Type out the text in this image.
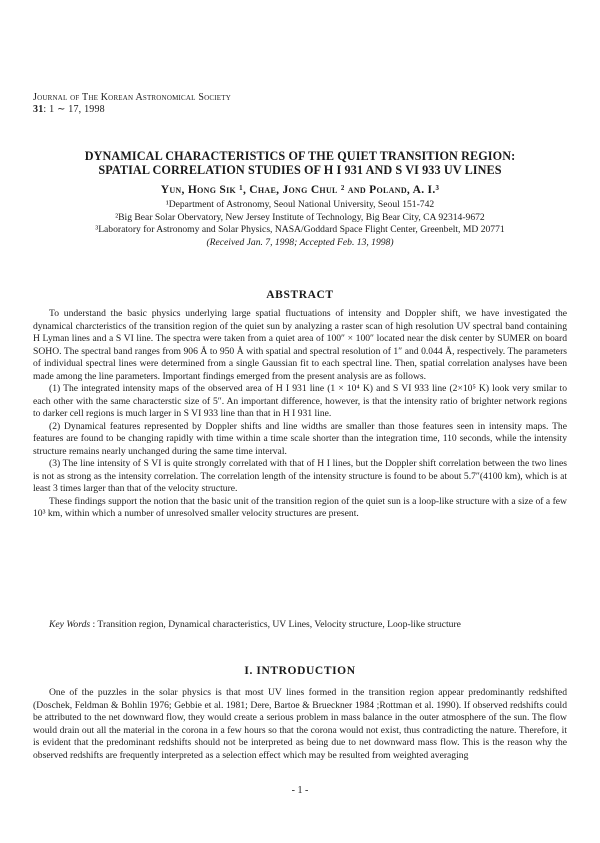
Journal of The Korean Astronomical Society
31: 1 ∼ 17, 1998
DYNAMICAL CHARACTERISTICS OF THE QUIET TRANSITION REGION:
SPATIAL CORRELATION STUDIES OF H I 931 AND S VI 933 UV LINES
Yun, Hong Sik ¹, Chae, Jong Chul ² and Poland, A. I.³
¹Department of Astronomy, Seoul National University, Seoul 151-742
²Big Bear Solar Obervatory, New Jersey Institute of Technology, Big Bear City, CA 92314-9672
³Laboratory for Astronomy and Solar Physics, NASA/Goddard Space Flight Center, Greenbelt, MD 20771
(Received Jan. 7, 1998; Accepted Feb. 13, 1998)
ABSTRACT

To understand the basic physics underlying large spatial fluctuations of intensity and Doppler shift, we have investigated the dynamical charcteristics of the transition region of the quiet sun by analyzing a raster scan of high resolution UV spectral band containing H Lyman lines and a S VI line. The spectra were taken from a quiet area of 100″ × 100″ located near the disk center by SUMER on board SOHO. The spectral band ranges from 906 Å to 950 Å with spatial and spectral resolution of 1″ and 0.044 Å, respectively. The parameters of individual spectral lines were determined from a single Gaussian fit to each spectral line. Then, spatial correlation analyses have been made among the line parameters. Important findings emerged from the present analysis are as follows.

(1) The integrated intensity maps of the observed area of H I 931 line (1 × 10⁴ K) and S VI 933 line (2×10⁵ K) look very smilar to each other with the same characterstic size of 5″. An important difference, however, is that the intensity ratio of brighter network regions to darker cell regions is much larger in S VI 933 line than that in H I 931 line.

(2) Dynamical features represented by Doppler shifts and line widths are smaller than those features seen in intensity maps. The features are found to be changing rapidly with time within a time scale shorter than the integration time, 110 seconds, while the intensity structure remains nearly unchanged during the same time interval.

(3) The line intensity of S VI is quite strongly correlated with that of H I lines, but the Doppler shift correlation between the two lines is not as strong as the intensity correlation. The correlation length of the intensity structure is found to be about 5.7″(4100 km), which is at least 3 times larger than that of the velocity structure.

These findings support the notion that the basic unit of the transition region of the quiet sun is a loop-like structure with a size of a few 10³ km, within which a number of unresolved smaller velocity structures are present.

Key Words : Transition region, Dynamical characteristics, UV Lines, Velocity structure, Loop-like structure
I. INTRODUCTION

One of the puzzles in the solar physics is that most UV lines formed in the transition region appear predominantly redshifted (Doschek, Feldman & Bohlin 1976; Gebbie et al. 1981; Dere, Bartoe & Brueckner 1984 ;Rottman et al. 1990). If observed redshifts could be attributed to the net downward flow, they would create a serious problem in mass balance in the outer atmosphere of the sun. The flow would drain out all the material in the corona in a few hours so that the corona would not exist, thus contradicting the nature. Therefore, it is evident that the predominant redshifts should not be interpreted as being due to net downward mass flow. This is the reason why the observed redshifts are frequently interpreted as a selection effect which may be resulted from weighted averaging

- 1 -
